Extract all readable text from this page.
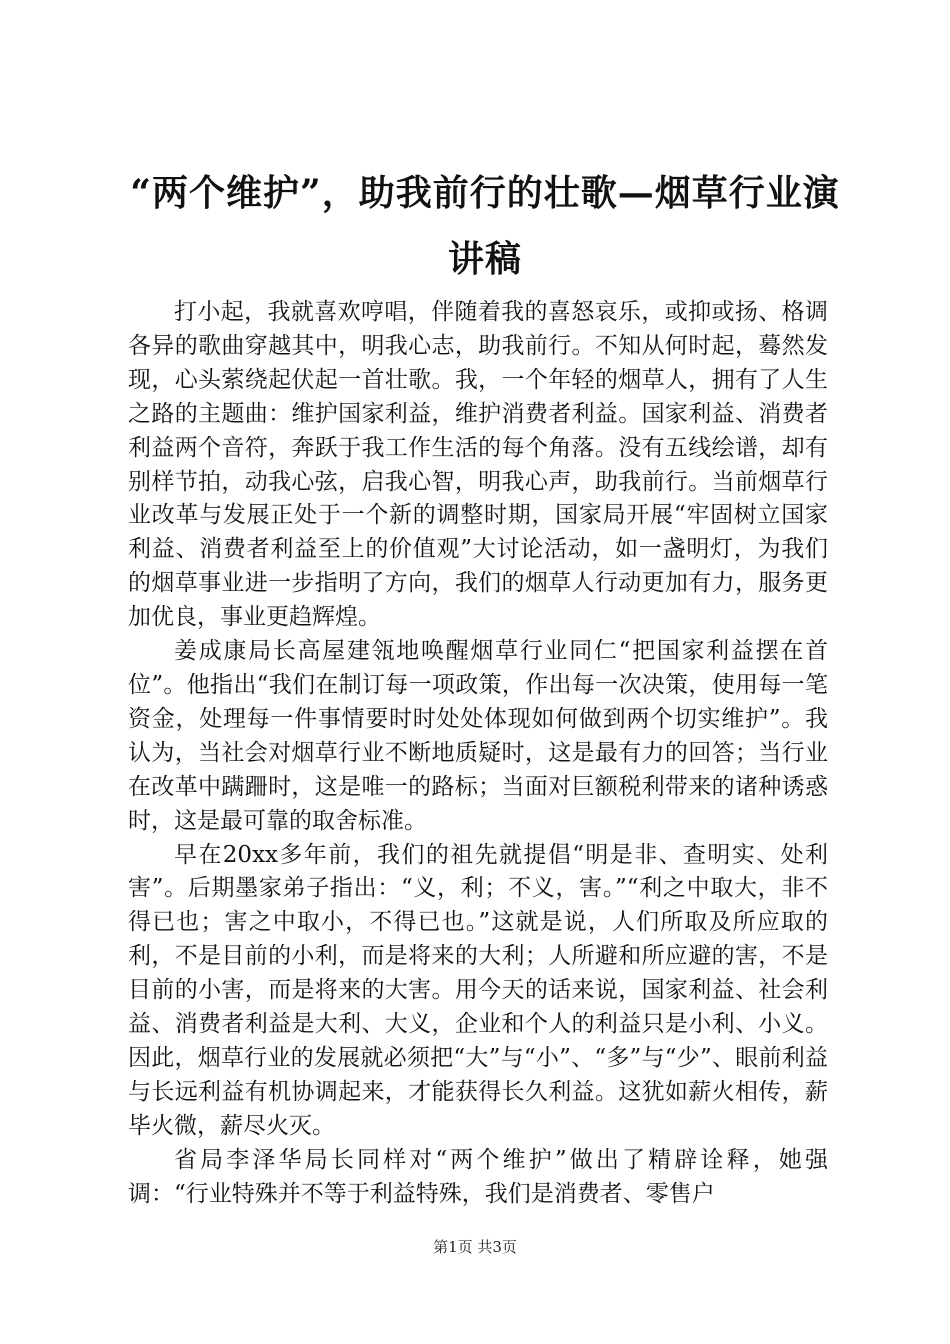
“两个维护”，助我前行的壮歌—烟草行业演讲稿

打小起，我就喜欢哼唱，伴随着我的喜怒哀乐，或抑或扬、格调各异的歌曲穿越其中，明我心志，助我前行。不知从何时起，蓦然发现，心头萦绕起伏起一首壮歌。我，一个年轻的烟草人，拥有了人生之路的主题曲：维护国家利益，维护消费者利益。国家利益、消费者利益两个音符，奔跃于我工作生活的每个角落。没有五线绘谱，却有别样节拍，动我心弦，启我心智，明我心声，助我前行。当前烟草行业改革与发展正处于一个新的调整时期，国家局开展“牢固树立国家利益、消费者利益至上的价值观”大讨论活动，如一盏明灯，为我们的烟草事业进一步指明了方向，我们的烟草人行动更加有力，服务更加优良，事业更趋辉煌。

姜成康局长高屋建瓴地唤醒烟草行业同仁“把国家利益摆在首位”。他指出“我们在制订每一项政策，作出每一次决策，使用每一笔资金，处理每一件事情要时时处处体现如何做到两个切实维护”。我认为，当社会对烟草行业不断地质疑时，这是最有力的回答；当行业在改革中蹒跚时，这是唯一的路标；当面对巨额税利带来的诸种诱惑时，这是最可靠的取舍标准。

早在20xx多年前，我们的祖先就提倡“明是非、查明实、处利害”。后期墨家弟子指出：“义，利；不义，害。”“利之中取大，非不得已也；害之中取小，不得已也。”这就是说，人们所取及所应取的利，不是目前的小利，而是将来的大利；人所避和所应避的害，不是目前的小害，而是将来的大害。用今天的话来说，国家利益、社会利益、消费者利益是大利、大义，企业和个人的利益只是小利、小义。因此，烟草行业的发展就必须把“大”与“小”、“多”与“少”、眼前利益与长远利益有机协调起来，才能获得长久利益。这犹如薪火相传，薪毕火微，薪尽火灭。

省局李泽华局长同样对“两个维护”做出了精辟诠释，她强调：“行业特殊并不等于利益特殊，我们是消费者、零售户

第1页 共3页
